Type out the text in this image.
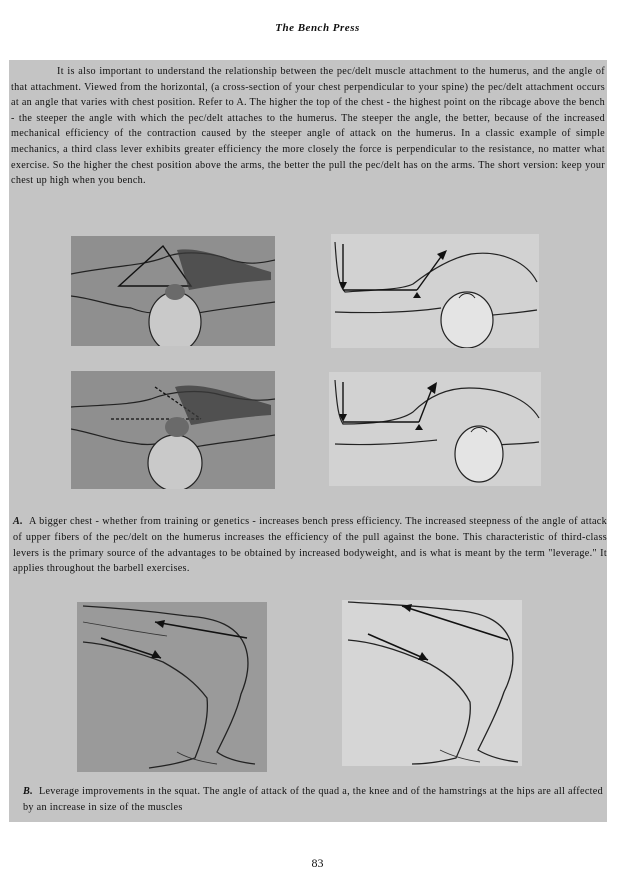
The Bench Press

It is also important to understand the relationship between the pec/delt muscle attachment to the humerus, and the angle of that attachment. Viewed from the horizontal, (a cross-section of your chest perpendicular to your spine) the pec/delt attachment occurs at an angle that varies with chest position. Refer to A. The higher the top of the chest - the highest point on the ribcage above the bench - the steeper the angle with which the pec/delt attaches to the humerus. The steeper the angle, the better, because of the increased mechanical efficiency of the contraction caused by the steeper angle of attack on the humerus. In a classic example of simple mechanics, a third class lever exhibits greater efficiency the more closely the force is perpendicular to the resistance, no matter what exercise. So the higher the chest position above the arms, the better the pull the pec/delt has on the arms. The short version: keep your chest up high when you bench.

A. A bigger chest - whether from training or genetics - increases bench press efficiency. The increased steepness of the angle of attack of upper fibers of the pec/delt on the humerus increases the efficiency of the pull against the bone. This characteristic of third-class levers is the primary source of the advantages to be obtained by increased bodyweight, and is what is meant by the term "leverage." It applies throughout the barbell exercises.

B. Leverage improvements in the squat. The angle of attack of the quad a, the knee and of the hamstrings at the hips are all affected by an increase in size of the muscles

83
